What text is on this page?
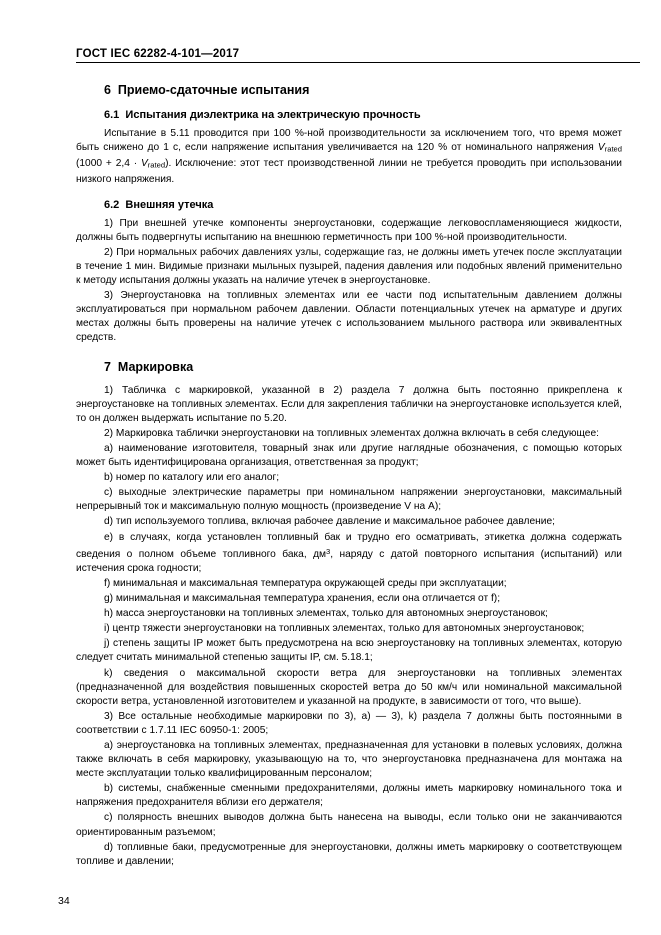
ГОСТ IEC 62282-4-101—2017
6 Приемо-сдаточные испытания
6.1 Испытания диэлектрика на электрическую прочность

Испытание в 5.11 проводится при 100 %-ной производительности за исключением того, что время может быть снижено до 1 с, если напряжение испытания увеличивается на 120 % от номинального напряжения $V_{rated}$ $(1000 + 2,4 \cdot V_{rated})$. Исключение: этот тест производственной линии не требуется проводить при использовании низкого напряжения.

6.2 Внешняя утечка

1) При внешней утечке компоненты энергоустановки, содержащие легковоспламеняющиеся жидкости, должны быть подвергнуты испытанию на внешнюю герметичность при 100 %-ной производительности.

2) При нормальных рабочих давлениях узлы, содержащие газ, не должны иметь утечек после эксплуатации в течение 1 мин. Видимые признаки мыльных пузырей, падения давления или подобных явлений применительно к методу испытания должны указать на наличие утечек в энергоустановке.

3) Энергоустановка на топливных элементах или ее части под испытательным давлением должны эксплуатироваться при нормальном рабочем давлении. Области потенциальных утечек на арматуре и других местах должны быть проверены на наличие утечек с использованием мыльного раствора или эквивалентных средств.

7 Маркировка

1) Табличка с маркировкой, указанной в 2) раздела 7 должна быть постоянно прикреплена к энергоустановке на топливных элементах. Если для закрепления таблички на энергоустановке используется клей, то он должен выдержать испытание по 5.20.

2) Маркировка таблички энергоустановки на топливных элементах должна включать в себя следующее:

a) наименование изготовителя, товарный знак или другие наглядные обозначения, с помощью которых может быть идентифицирована организация, ответственная за продукт;

b) номер по каталогу или его аналог;

c) выходные электрические параметры при номинальном напряжении энергоустановки, максимальный непрерывный ток и максимальную полную мощность (произведение V на A);

d) тип используемого топлива, включая рабочее давление и максимальное рабочее давление;

e) в случаях, когда установлен топливный бак и трудно его осматривать, этикетка должна содержать сведения о полном объеме топливного бака, $дм^3$, наряду с датой повторного испытания (испытаний) или истечения срока годности;

f) минимальная и максимальная температура окружающей среды при эксплуатации;

g) минимальная и максимальная температура хранения, если она отличается от f);

h) масса энергоустановки на топливных элементах, только для автономных энергоустановок;

i) центр тяжести энергоустановки на топливных элементах, только для автономных энергоустановок;

j) степень защиты IP может быть предусмотрена на всю энергоустановку на топливных элементах, которую следует считать минимальной степенью защиты IP, см. 5.18.1;

k) сведения о максимальной скорости ветра для энергоустановки на топливных элементах (предназначенной для воздействия повышенных скоростей ветра до 50 км/ч или номинальной максимальной скорости ветра, установленной изготовителем и указанной на продукте, в зависимости от того, что выше).

3) Все остальные необходимые маркировки по 3), а) — 3), k) раздела 7 должны быть постоянными в соответствии с 1.7.11 IEC 60950-1: 2005;

a) энергоустановка на топливных элементах, предназначенная для установки в полевых условиях, должна также включать в себя маркировку, указывающую на то, что энергоустановка предназначена для монтажа на месте эксплуатации только квалифицированным персоналом;

b) системы, снабженные сменными предохранителями, должны иметь маркировку номинального тока и напряжения предохранителя вблизи его держателя;

c) полярность внешних выводов должна быть нанесена на выводы, если только они не заканчиваются ориентированным разъемом;

d) топливные баки, предусмотренные для энергоустановки, должны иметь маркировку о соответствующем топливе и давлении;

34
